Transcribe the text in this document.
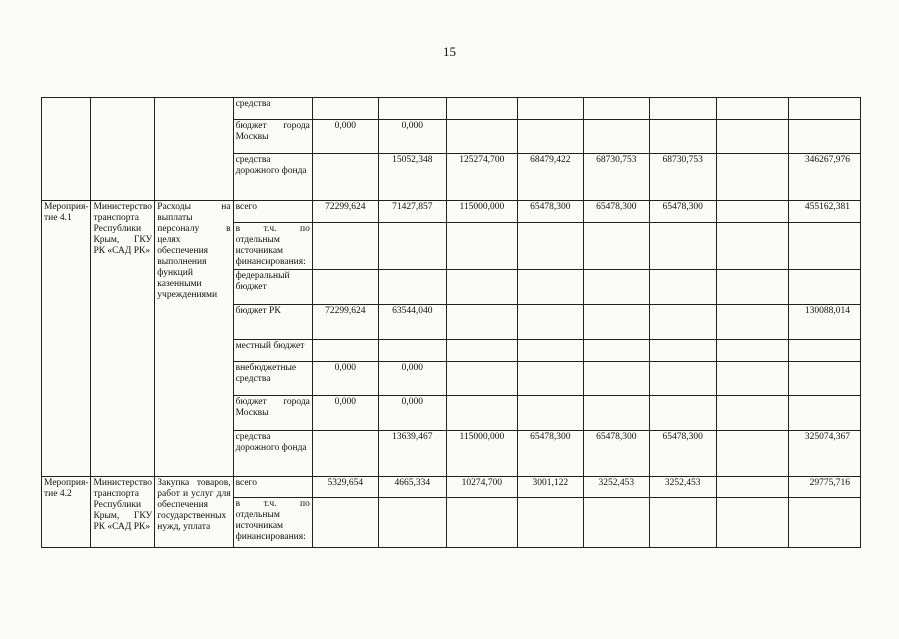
15
			средства								
			бюджет города Москвы	0,000	0,000						
			средства дорожного фонда		15052,348	125274,700	68479,422	68730,753	68730,753		346267,976
Мероприя-тие 4.1	Министерство транспорта Республики Крым, ГКУ РК «САД РК»	Расходы на выплаты персоналу в целях обеспечения выполнения функций казенными учреждениями	всего	72299,624	71427,857	115000,000	65478,300	65478,300	65478,300		455162,381
			в т.ч. по отдельным источникам финансирования:								
			федеральный бюджет								
			бюджет РК	72299,624	63544,040						130088,014
			местный бюджет								
			внебюджетные средства	0,000	0,000						
			бюджет города Москвы	0,000	0,000						
			средства дорожного фонда		13639,467	115000,000	65478,300	65478,300	65478,300		325074,367
Мероприя-тие 4.2	Министерство транспорта Республики Крым, ГКУ РК «САД РК»	Закупка товаров, работ и услуг для обеспечения государственных нужд, уплата	всего	5329,654	4665,334	10274,700	3001,122	3252,453	3252,453		29775,716
			в т.ч. по отдельным источникам финансирования:								
